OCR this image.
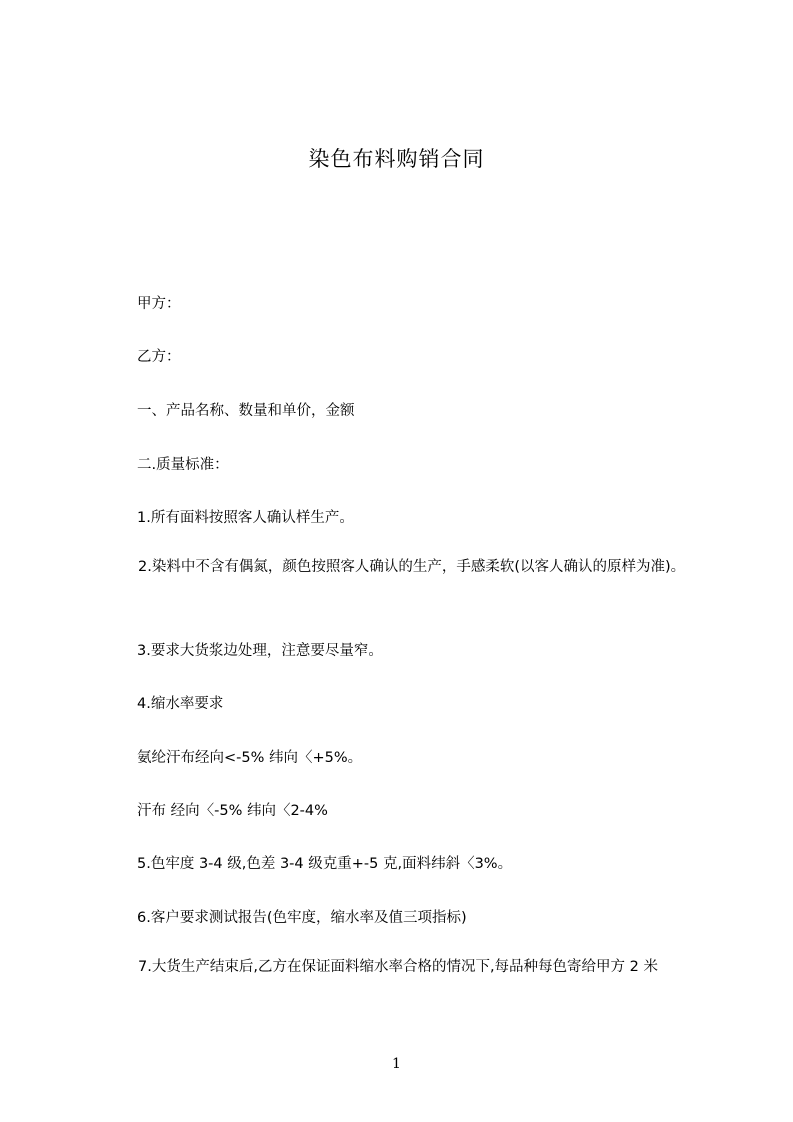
染色布料购销合同
甲方：
乙方：
一、产品名称、数量和单价，金额
二.质量标准：
1.所有面料按照客人确认样生产。
2.染料中不含有偶氮，颜色按照客人确认的生产，手感柔软(以客人确认的原样为准)。
3.要求大货浆边处理，注意要尽量窄。
4.缩水率要求
氨纶汗布经向<-5% 纬向〈+5%。
汗布 经向〈-5% 纬向〈2-4%
5.色牢度 3-4 级,色差 3-4 级克重+-5 克,面料纬斜〈3%。
6.客户要求测试报告(色牢度，缩水率及值三项指标)
7.大货生产结束后,乙方在保证面料缩水率合格的情况下,每品种每色寄给甲方 2 米
1
